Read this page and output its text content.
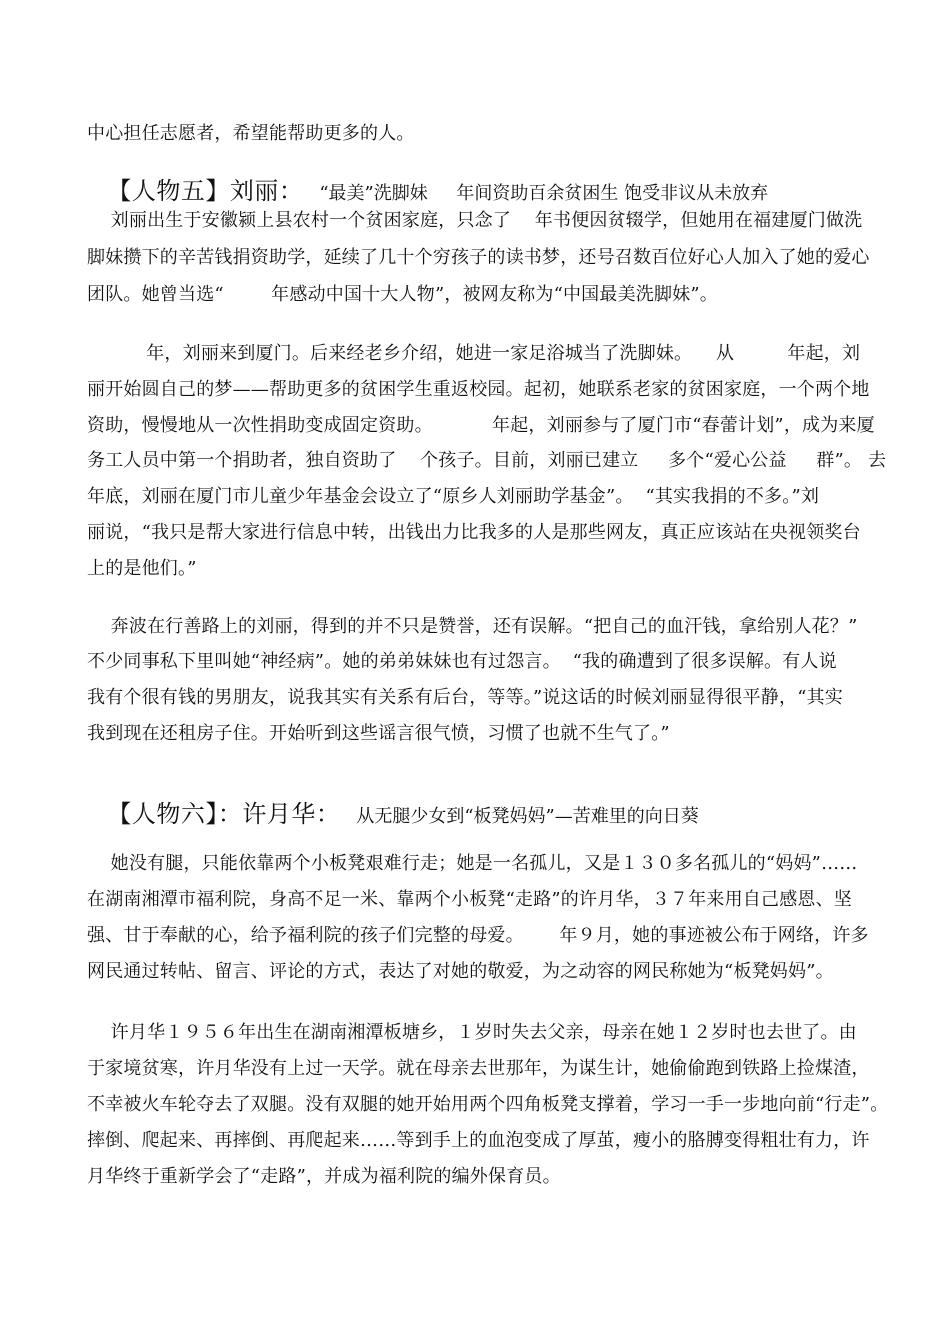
中心担任志愿者，希望能帮助更多的人。

【人物五】刘丽： “最美”洗脚妹     年间资助百余贫困生 饱受非议从未放弃

刘丽出生于安徽颍上县农村一个贫困家庭，只念了    年书便因贫辍学，但她用在福建厦门做洗
脚妹攒下的辛苦钱捐资助学，延续了几十个穷孩子的读书梦，还号召数百位好心人加入了她的爱心
团队。她曾当选“        年感动中国十大人物”，被网友称为“中国最美洗脚妹”。
年，刘丽来到厦门。后来经老乡介绍，她进一家足浴城当了洗脚妹。    从         年起，刘
丽开始圆自己的梦——帮助更多的贫困学生重返校园。起初，她联系老家的贫困家庭，一个两个地
资助，慢慢地从一次性捐助变成固定资助。          年起，刘丽参与了厦门市“春蕾计划”，成为来厦
务工人员中第一个捐助者，独自资助了    个孩子。目前，刘丽已建立     多个“爱心公益     群”。 去
年底，刘丽在厦门市儿童少年基金会设立了“原乡人刘丽助学基金”。  “其实我捐的不多。”刘
丽说，“我只是帮大家进行信息中转，出钱出力比我多的人是那些网友，真正应该站在央视领奖台
上的是他们。”
奔波在行善路上的刘丽，得到的并不只是赞誉，还有误解。“把自己的血汗钱，拿给别人花？”
不少同事私下里叫她“神经病”。她的弟弟妹妹也有过怨言。  “我的确遭到了很多误解。有人说
我有个很有钱的男朋友，说我其实有关系有后台，等等。”说这话的时候刘丽显得很平静，“其实
我到现在还租房子住。开始听到这些谣言很气愤，习惯了也就不生气了。”

【人物六】：许月华： 从无腿少女到“板凳妈妈”—苦难里的向日葵

她没有腿，只能依靠两个小板凳艰难行走；她是一名孤儿，又是１３０多名孤儿的“妈妈”……
在湖南湘潭市福利院，身高不足一米、靠两个小板凳“走路”的许月华，３７年来用自己感恩、坚
强、甘于奉献的心，给予福利院的孩子们完整的母爱。      年９月，她的事迹被公布于网络，许多
网民通过转帖、留言、评论的方式，表达了对她的敬爱，为之动容的网民称她为“板凳妈妈”。
许月华１９５６年出生在湖南湘潭板塘乡，１岁时失去父亲，母亲在她１２岁时也去世了。由
于家境贫寒，许月华没有上过一天学。就在母亲去世那年，为谋生计，她偷偷跑到铁路上捡煤渣，
不幸被火车轮夺去了双腿。没有双腿的她开始用两个四角板凳支撑着，学习一手一步地向前“行走”。
摔倒、爬起来、再摔倒、再爬起来……等到手上的血泡变成了厚茧，瘦小的胳膊变得粗壮有力，许
月华终于重新学会了“走路”，并成为福利院的编外保育员。
